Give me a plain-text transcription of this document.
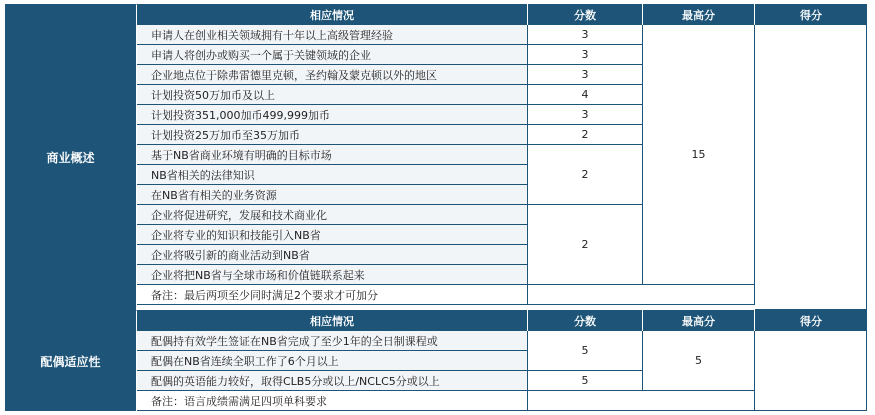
商业概述	相应情况	分数	最高分	得分
	申请人在创业相关领域拥有十年以上高级管理经验	3	15	
	申请人将创办或购买一个属于关键领域的企业	3		
	企业地点位于除弗雷德里克顿，圣约翰及蒙克顿以外的地区	3		
	计划投资50万加币及以上	4		
	计划投资351,000加币499,999加币	3		
	计划投资25万加币至35万加币	2		
	基于NB省商业环境有明确的目标市场	2		
	NB省相关的法律知识			
	在NB省有相关的业务资源			
	企业将促进研究，发展和技术商业化	2		
	企业将专业的知识和技能引入NB省			
	企业将吸引新的商业活动到NB省			
	企业将把NB省与全球市场和价值链联系起来			
	备注：最后两项至少同时满足2个要求才可加分			

配偶适应性	相应情况	分数	最高分	得分
	配偶持有效学生签证在NB省完成了至少1年的全日制课程或	5	5	
	配偶在NB省连续全职工作了6个月以上			
	配偶的英语能力较好，取得CLB5分或以上/NCLC5分或以上	5		
	备注：语言成绩需满足四项单科要求			
